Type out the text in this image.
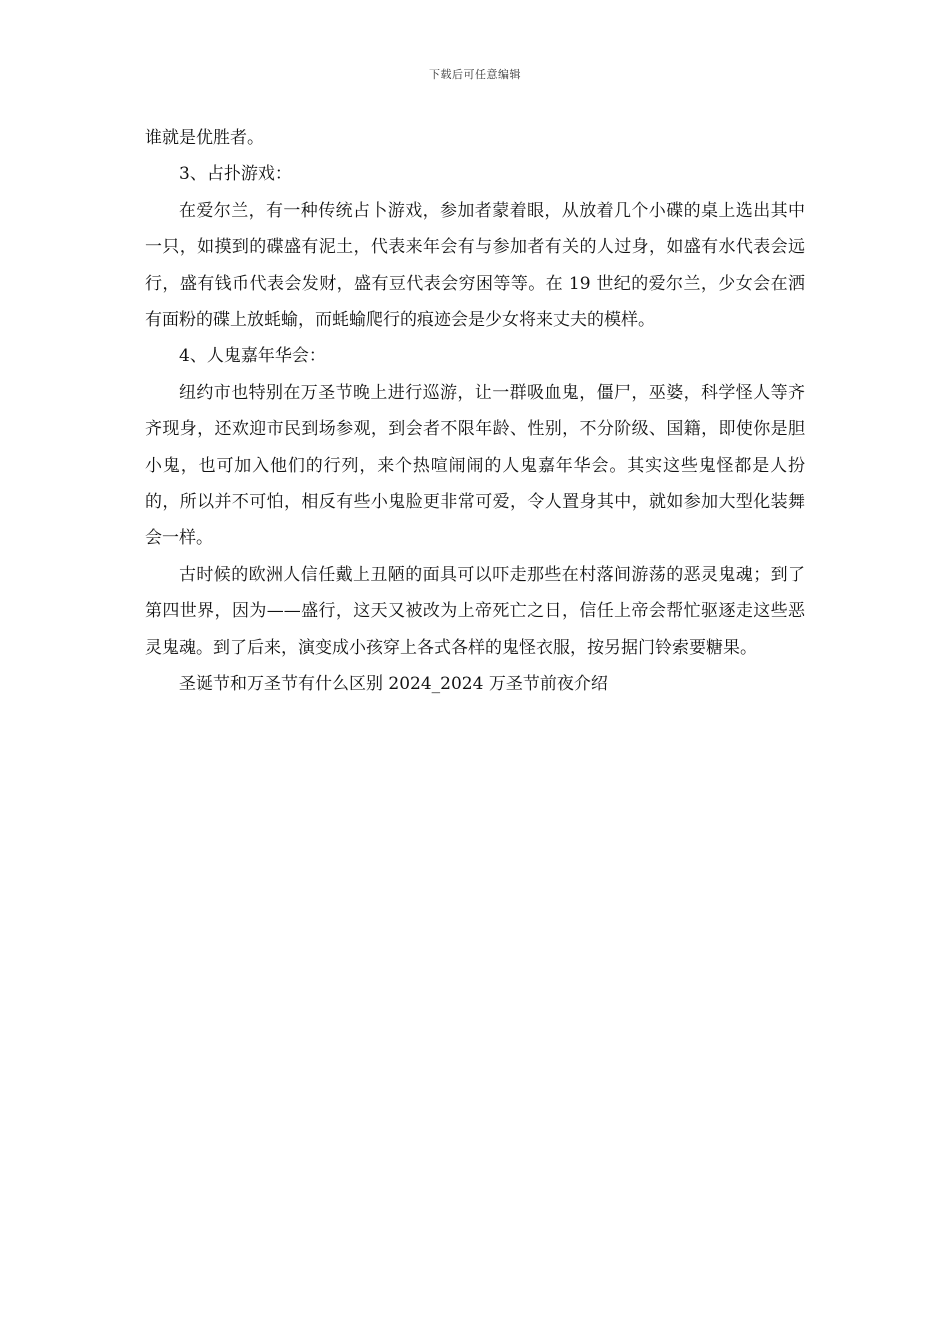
下载后可任意编辑

谁就是优胜者。

3、占扑游戏：

在爱尔兰，有一种传统占卜游戏，参加者蒙着眼，从放着几个小碟的桌上选出其中一只，如摸到的碟盛有泥土，代表来年会有与参加者有关的人过身，如盛有水代表会远行，盛有钱币代表会发财，盛有豆代表会穷困等等。在 19 世纪的爱尔兰，少女会在洒有面粉的碟上放蚝蝓，而蚝蝓爬行的痕迹会是少女将来丈夫的模样。

4、人鬼嘉年华会：

纽约市也特别在万圣节晚上进行巡游，让一群吸血鬼，僵尸，巫婆，科学怪人等齐齐现身，还欢迎市民到场参观，到会者不限年龄、性别，不分阶级、国籍，即使你是胆小鬼，也可加入他们的行列，来个热喧闹闹的人鬼嘉年华会。其实这些鬼怪都是人扮的，所以并不可怕，相反有些小鬼脸更非常可爱，令人置身其中，就如参加大型化装舞会一样。

古时候的欧洲人信任戴上丑陋的面具可以吓走那些在村落间游荡的恶灵鬼魂；到了第四世界，因为——盛行，这天又被改为上帝死亡之日，信任上帝会帮忙驱逐走这些恶灵鬼魂。到了后来，演变成小孩穿上各式各样的鬼怪衣服，按另据门铃索要糖果。

圣诞节和万圣节有什么区别 2024_2024 万圣节前夜介绍
